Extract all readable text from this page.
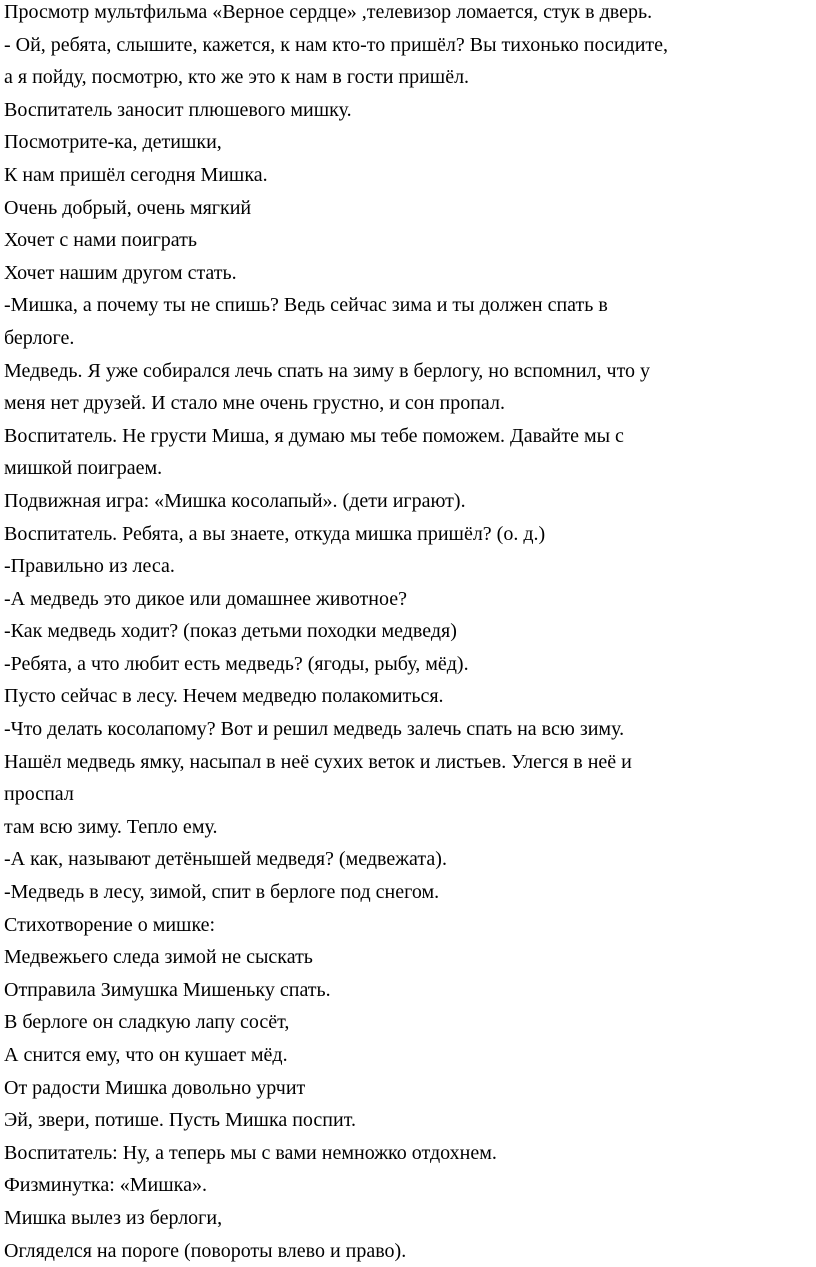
Просмотр мультфильма «Верное сердце» ,телевизор ломается, стук в дверь.
- Ой, ребята, слышите, кажется, к нам кто-то пришёл? Вы тихонько посидите,
а я пойду, посмотрю, кто же это к нам в гости пришёл.
Воспитатель заносит плюшевого мишку.
Посмотрите-ка, детишки,
К нам пришёл сегодня Мишка.
Очень добрый, очень мягкий
Хочет с нами поиграть
Хочет нашим другом стать.
-Мишка, а почему ты не спишь? Ведь сейчас зима и ты должен спать в
берлоге.
Медведь. Я уже собирался лечь спать на зиму в берлогу, но вспомнил, что у
меня нет друзей. И стало мне очень грустно, и сон пропал.
Воспитатель. Не грусти Миша, я думаю мы тебе поможем. Давайте мы с
мишкой поиграем.
Подвижная игра: «Мишка косолапый». (дети играют).
Воспитатель. Ребята, а вы знаете, откуда мишка пришёл? (о. д.)
-Правильно из леса.
-А медведь это дикое или домашнее животное?
-Как медведь ходит? (показ детьми походки медведя)
-Ребята, а что любит есть медведь? (ягоды, рыбу, мёд).
Пусто сейчас в лесу. Нечем медведю полакомиться.
-Что делать косолапому? Вот и решил медведь залечь спать на всю зиму.
Нашёл медведь ямку, насыпал в неё сухих веток и листьев. Улегся в неё и
проспал
там всю зиму. Тепло ему.
-А как, называют детёнышей медведя? (медвежата).
-Медведь в лесу, зимой, спит в берлоге под снегом.
Стихотворение о мишке:
Медвежьего следа зимой не сыскать
Отправила Зимушка Мишеньку спать.
В берлоге он сладкую лапу сосёт,
А снится ему, что он кушает мёд.
От радости Мишка довольно урчит
Эй, звери, потише. Пусть Мишка поспит.
Воспитатель: Ну, а теперь мы с вами немножко отдохнем.
Физминутка: «Мишка».
Мишка вылез из берлоги,
Огляделся на пороге (повороты влево и право).
